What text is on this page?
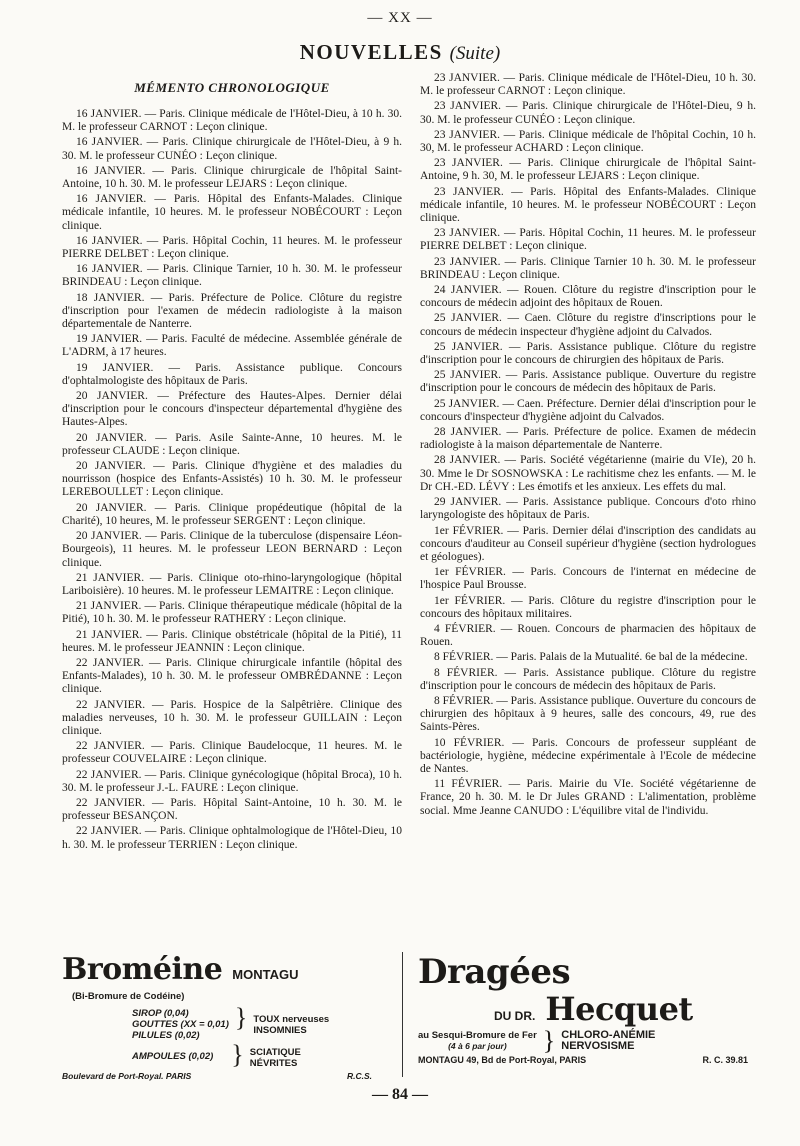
— XX —
NOUVELLES (Suite)
MÉMENTO CHRONOLOGIQUE

16 JANVIER. — Paris. Clinique médicale de l'Hôtel-Dieu, à 10 h. 30. M. le professeur CARNOT : Leçon clinique.

16 JANVIER. — Paris. Clinique chirurgicale de l'Hôtel-Dieu, à 9 h. 30. M. le professeur CUNÉO : Leçon clinique.

16 JANVIER. — Paris. Clinique chirurgicale de l'hôpital Saint-Antoine, 10 h. 30. M. le professeur LEJARS : Leçon clinique.

16 JANVIER. — Paris. Hôpital des Enfants-Malades. Clinique médicale infantile, 10 heures. M. le professeur NOBÉCOURT : Leçon clinique.

16 JANVIER. — Paris. Hôpital Cochin, 11 heures. M. le professeur PIERRE DELBET : Leçon clinique.

16 JANVIER. — Paris. Clinique Tarnier, 10 h. 30. M. le professeur BRINDEAU : Leçon clinique.

18 JANVIER. — Paris. Préfecture de Police. Clôture du registre d'inscription pour l'examen de médecin radiologiste à la maison départementale de Nanterre.

19 JANVIER. — Paris. Faculté de médecine. Assemblée générale de L'ADRM, à 17 heures.

19 JANVIER. — Paris. Assistance publique. Concours d'ophtalmologiste des hôpitaux de Paris.

20 JANVIER. — Préfecture des Hautes-Alpes. Dernier délai d'inscription pour le concours d'inspecteur départemental d'hygiène des Hautes-Alpes.

20 JANVIER. — Paris. Asile Sainte-Anne, 10 heures. M. le professeur CLAUDE : Leçon clinique.

20 JANVIER. — Paris. Clinique d'hygiène et des maladies du nourrisson (hospice des Enfants-Assistés) 10 h. 30. M. le professeur LEREBOULLET : Leçon clinique.

20 JANVIER. — Paris. Clinique propédeutique (hôpital de la Charité), 10 heures, M. le professeur SERGENT : Leçon clinique.

20 JANVIER. — Paris. Clinique de la tuberculose (dispensaire Léon-Bourgeois), 11 heures. M. le professeur LEON BERNARD : Leçon clinique.

21 JANVIER. — Paris. Clinique oto-rhino-laryngologique (hôpital Lariboisière). 10 heures. M. le professeur LEMAITRE : Leçon clinique.

21 JANVIER. — Paris. Clinique thérapeutique médicale (hôpital de la Pitié), 10 h. 30. M. le professeur RATHERY : Leçon clinique.

21 JANVIER. — Paris. Clinique obstétricale (hôpital de la Pitié), 11 heures. M. le professeur JEANNIN : Leçon clinique.

22 JANVIER. — Paris. Clinique chirurgicale infantile (hôpital des Enfants-Malades), 10 h. 30. M. le professeur OMBRÉDANNE : Leçon clinique.

22 JANVIER. — Paris. Hospice de la Salpêtrière. Clinique des maladies nerveuses, 10 h. 30. M. le professeur GUILLAIN : Leçon clinique.

22 JANVIER. — Paris. Clinique Baudelocque, 11 heures. M. le professeur COUVELAIRE : Leçon clinique.

22 JANVIER. — Paris. Clinique gynécologique (hôpital Broca), 10 h. 30. M. le professeur J.-L. FAURE : Leçon clinique.

22 JANVIER. — Paris. Hôpital Saint-Antoine, 10 h. 30. M. le professeur BESANÇON.

22 JANVIER. — Paris. Clinique ophtalmologique de l'Hôtel-Dieu, 10 h. 30. M. le professeur TERRIEN : Leçon clinique.

23 JANVIER. — Paris. Clinique médicale de l'Hôtel-Dieu, 10 h. 30. M. le professeur CARNOT : Leçon clinique.

23 JANVIER. — Paris. Clinique chirurgicale de l'Hôtel-Dieu, 9 h. 30. M. le professeur CUNÉO : Leçon clinique.

23 JANVIER. — Paris. Clinique médicale de l'hôpital Cochin, 10 h. 30, M. le professeur ACHARD : Leçon clinique.

23 JANVIER. — Paris. Clinique chirurgicale de l'hôpital Saint-Antoine, 9 h. 30, M. le professeur LEJARS : Leçon clinique.

23 JANVIER. — Paris. Hôpital des Enfants-Malades. Clinique médicale infantile, 10 heures. M. le professeur NOBÉCOURT : Leçon clinique.

23 JANVIER. — Paris. Hôpital Cochin, 11 heures. M. le professeur PIERRE DELBET : Leçon clinique.

23 JANVIER. — Paris. Clinique Tarnier 10 h. 30. M. le professeur BRINDEAU : Leçon clinique.

24 JANVIER. — Rouen. Clôture du registre d'inscription pour le concours de médecin adjoint des hôpitaux de Rouen.

25 JANVIER. — Caen. Clôture du registre d'inscriptions pour le concours de médecin inspecteur d'hygiène adjoint du Calvados.

25 JANVIER. — Paris. Assistance publique. Clôture du registre d'inscription pour le concours de chirurgien des hôpitaux de Paris.

25 JANVIER. — Paris. Assistance publique. Ouverture du registre d'inscription pour le concours de médecin des hôpitaux de Paris.

25 JANVIER. — Caen. Préfecture. Dernier délai d'inscription pour le concours d'inspecteur d'hygiène adjoint du Calvados.

28 JANVIER. — Paris. Préfecture de police. Examen de médecin radiologiste à la maison départementale de Nanterre.

28 JANVIER. — Paris. Société végétarienne (mairie du VIe), 20 h. 30. Mme le Dr SOSNOWSKA : Le rachitisme chez les enfants. — M. le Dr CH.-ED. LÉVY : Les émotifs et les anxieux. Les effets du mal.

29 JANVIER. — Paris. Assistance publique. Concours d'oto rhino laryngologiste des hôpitaux de Paris.

1er FÉVRIER. — Paris. Dernier délai d'inscription des candidats au concours d'auditeur au Conseil supérieur d'hygiène (section hydrologues et géologues).

1er FÉVRIER. — Paris. Concours de l'internat en médecine de l'hospice Paul Brousse.

1er FÉVRIER. — Paris. Clôture du registre d'inscription pour le concours des hôpitaux militaires.

4 FÉVRIER. — Rouen. Concours de pharmacien des hôpitaux de Rouen.

8 FÉVRIER. — Paris. Palais de la Mutualité. 6e bal de la médecine.

8 FÉVRIER. — Paris. Assistance publique. Clôture du registre d'inscription pour le concours de médecin des hôpitaux de Paris.

8 FÉVRIER. — Paris. Assistance publique. Ouverture du concours de chirurgien des hôpitaux à 9 heures, salle des concours, 49, rue des Saints-Pères.

10 FÉVRIER. — Paris. Concours de professeur suppléant de bactériologie, hygiène, médecine expérimentale à l'Ecole de médecine de Nantes.

11 FÉVRIER. — Paris. Mairie du VIe. Société végétarienne de France, 20 h. 30. M. le Dr Jules GRAND : L'alimentation, problème social. Mme Jeanne CANUDO : L'équilibre vital de l'individu.

Broméine MONTAGU
(Bi-Bromure de Codéine)
SIROP (0,04)
GOUTTES (XX = 0,01)
PILULES (0,02)
} TOUX nerveuses
INSOMNIES
AMPOULES (0,02) } SCIATIQUE
NÉVRITES
Boulevard de Port-Royal. PARIS	R.C.S.
Dragées
DU DR. Hecquet
au Sesqui-Bromure de Fer
(4 à 6 par jour)	} CHLORO-ANÉMIE
NERVOSISME
MONTAGU 49, Bd de Port-Royal, PARIS	R. C. 39.81
— 84 —
